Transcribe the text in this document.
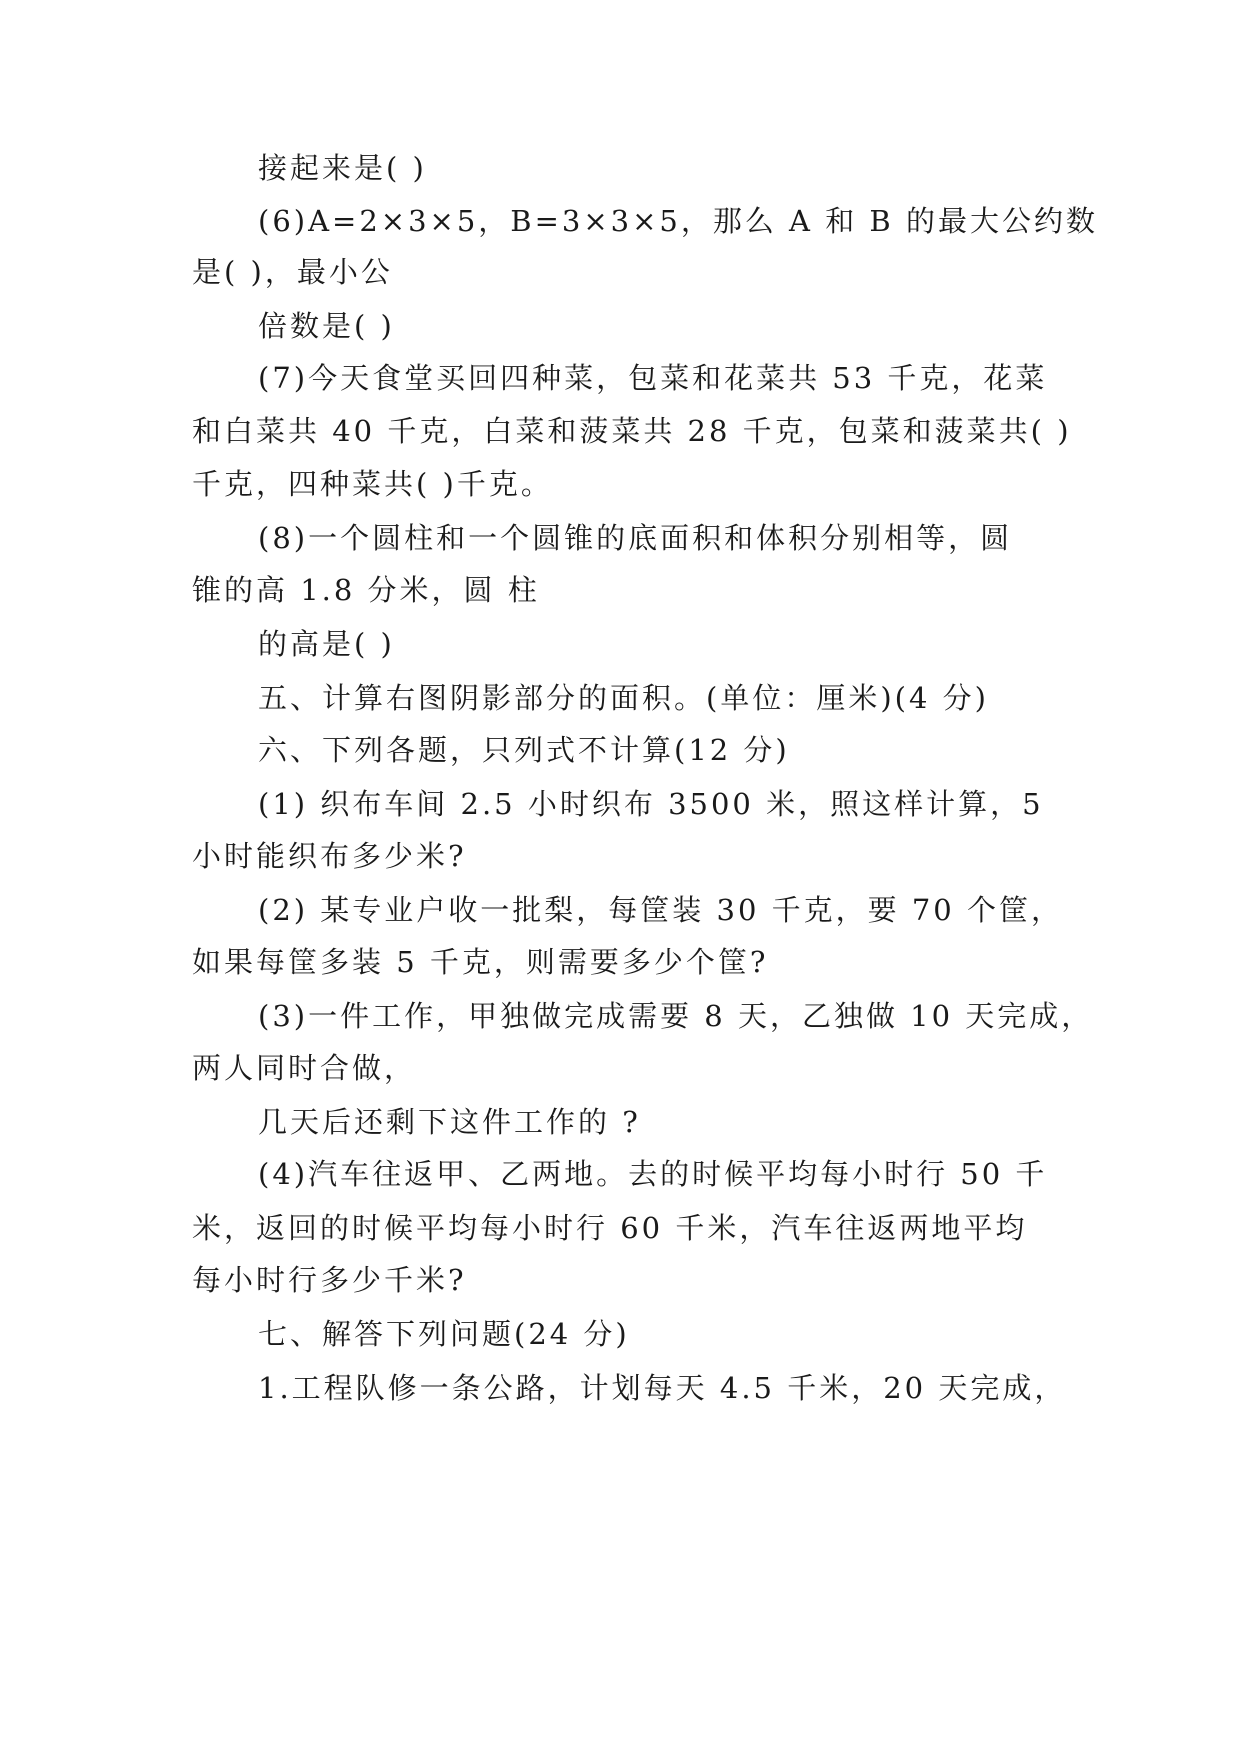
接起来是( )
(6)A=2×3×5，B=3×3×5，那么 A 和 B 的最大公约数
是( )，最小公
倍数是( )
(7)今天食堂买回四种菜，包菜和花菜共 53 千克，花菜
和白菜共 40 千克，白菜和菠菜共 28 千克，包菜和菠菜共( )
千克，四种菜共( )千克。
(8)一个圆柱和一个圆锥的底面积和体积分别相等，圆
锥的高 1.8 分米，圆 柱
的高是( )
五、计算右图阴影部分的面积。(单位：厘米)(4 分)
六、下列各题，只列式不计算(12 分)
(1) 织布车间 2.5 小时织布 3500 米，照这样计算，5
小时能织布多少米?
(2) 某专业户收一批梨，每筐装 30 千克，要 70 个筐，
如果每筐多装 5 千克，则需要多少个筐?
(3)一件工作，甲独做完成需要 8 天，乙独做 10 天完成，
两人同时合做，
几天后还剩下这件工作的 ?
(4)汽车往返甲、乙两地。去的时候平均每小时行 50 千
米，返回的时候平均每小时行 60 千米，汽车往返两地平均
每小时行多少千米?
七、解答下列问题(24 分)
1.工程队修一条公路，计划每天 4.5 千米，20 天完成，
